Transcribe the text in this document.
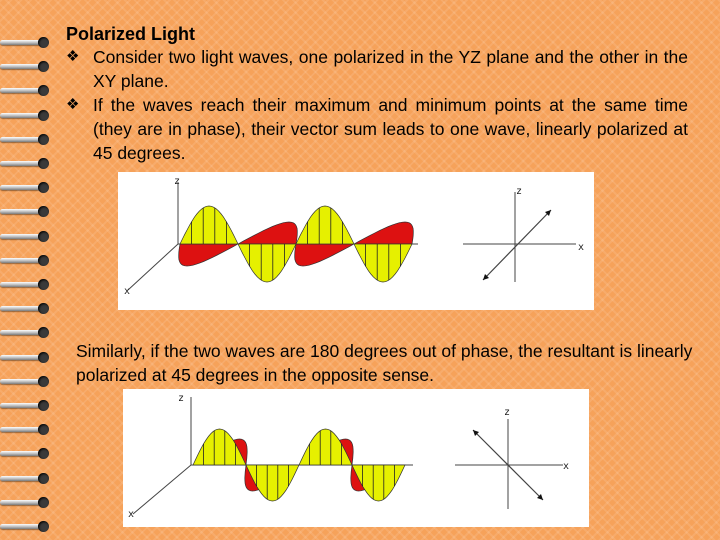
Polarized Light
❖ Consider two light waves, one polarized in the YZ plane and the other in the XY plane.
❖ If the waves reach their maximum and minimum points at the same time (they are in phase), their vector sum leads to one wave, linearly polarized at 45 degrees.
Similarly, if the two waves are 180 degrees out of phase, the resultant is linearly polarized at 45 degrees in the opposite sense.
z
x
z
x
z
x
z
x
